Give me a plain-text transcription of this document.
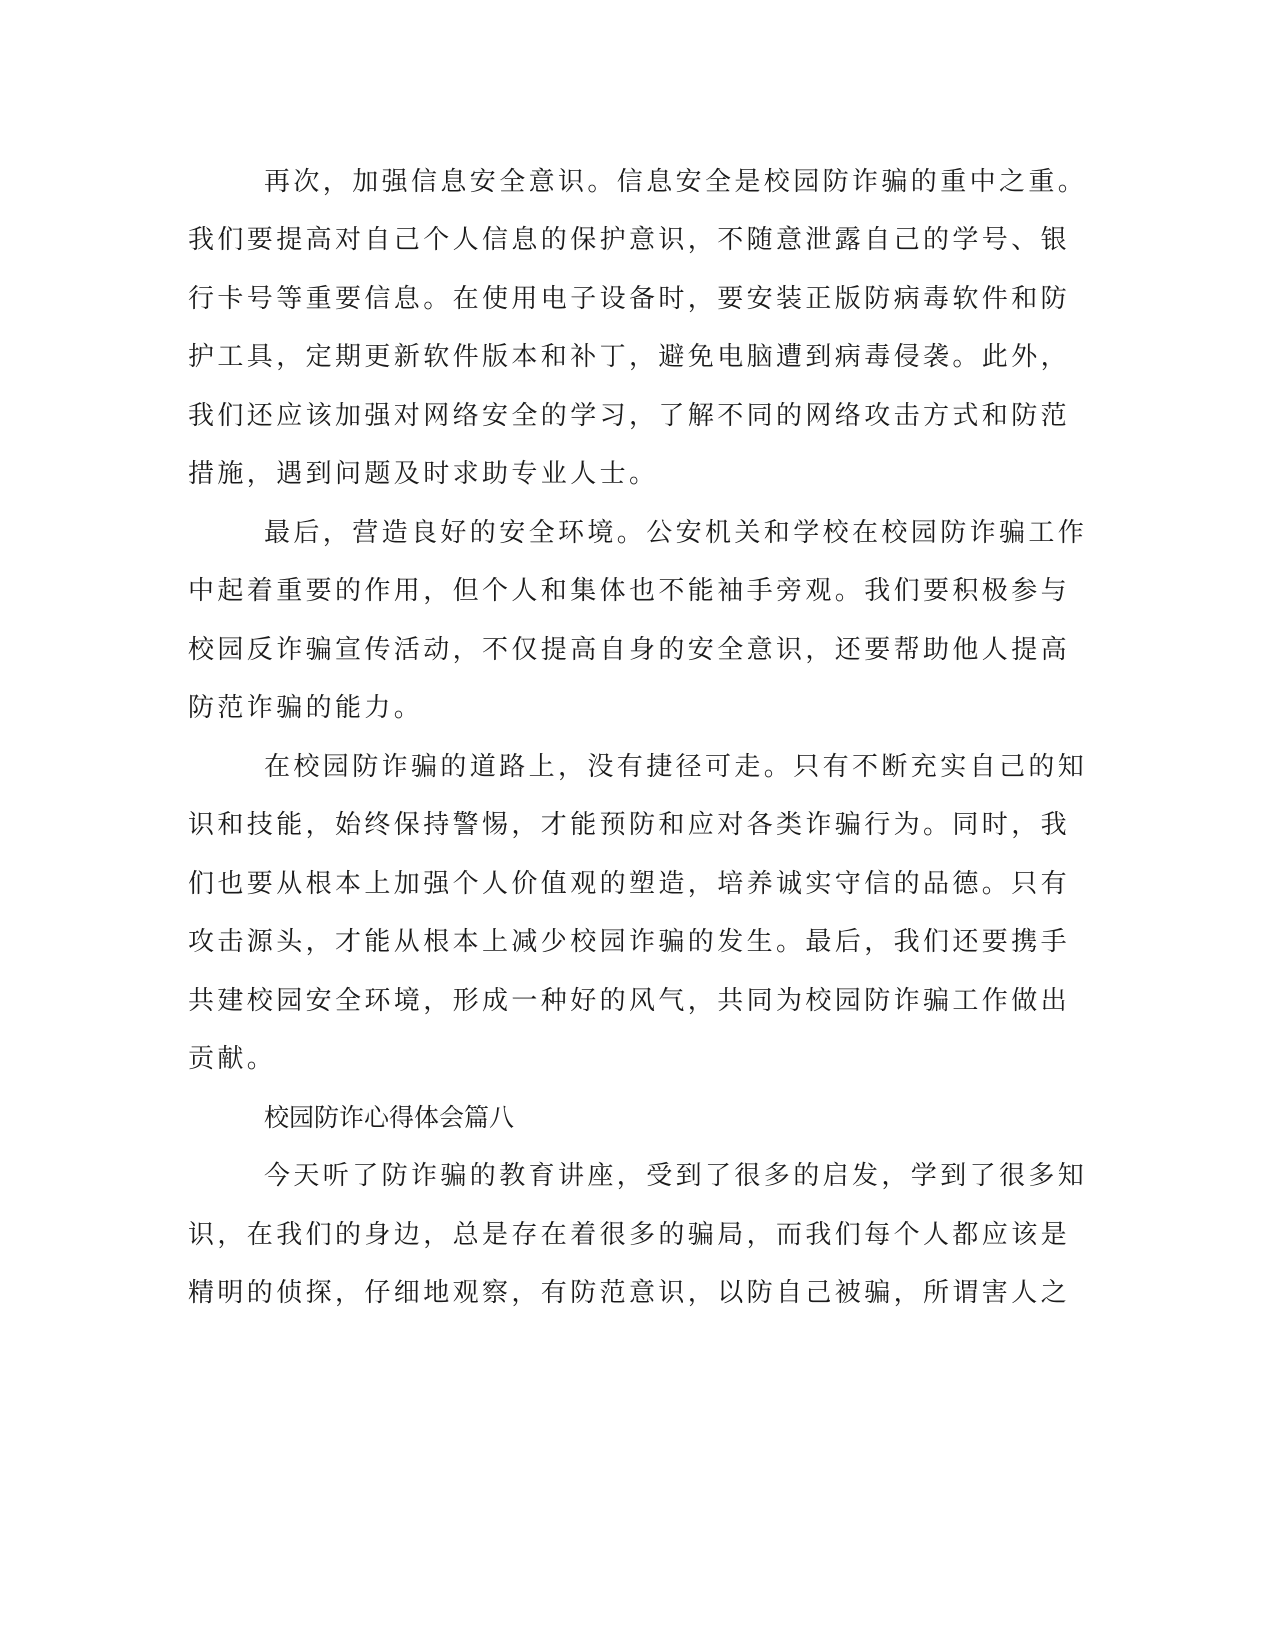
再次，加强信息安全意识。信息安全是校园防诈骗的重中之重。
我们要提高对自己个人信息的保护意识，不随意泄露自己的学号、银
行卡号等重要信息。在使用电子设备时，要安装正版防病毒软件和防
护工具，定期更新软件版本和补丁，避免电脑遭到病毒侵袭。此外，
我们还应该加强对网络安全的学习，了解不同的网络攻击方式和防范
措施，遇到问题及时求助专业人士。
最后，营造良好的安全环境。公安机关和学校在校园防诈骗工作
中起着重要的作用，但个人和集体也不能袖手旁观。我们要积极参与
校园反诈骗宣传活动，不仅提高自身的安全意识，还要帮助他人提高
防范诈骗的能力。
在校园防诈骗的道路上，没有捷径可走。只有不断充实自己的知
识和技能，始终保持警惕，才能预防和应对各类诈骗行为。同时，我
们也要从根本上加强个人价值观的塑造，培养诚实守信的品德。只有
攻击源头，才能从根本上减少校园诈骗的发生。最后，我们还要携手
共建校园安全环境，形成一种好的风气，共同为校园防诈骗工作做出
贡献。
校园防诈心得体会篇八
今天听了防诈骗的教育讲座，受到了很多的启发，学到了很多知
识，在我们的身边，总是存在着很多的骗局，而我们每个人都应该是
精明的侦探，仔细地观察，有防范意识，以防自己被骗，所谓害人之
